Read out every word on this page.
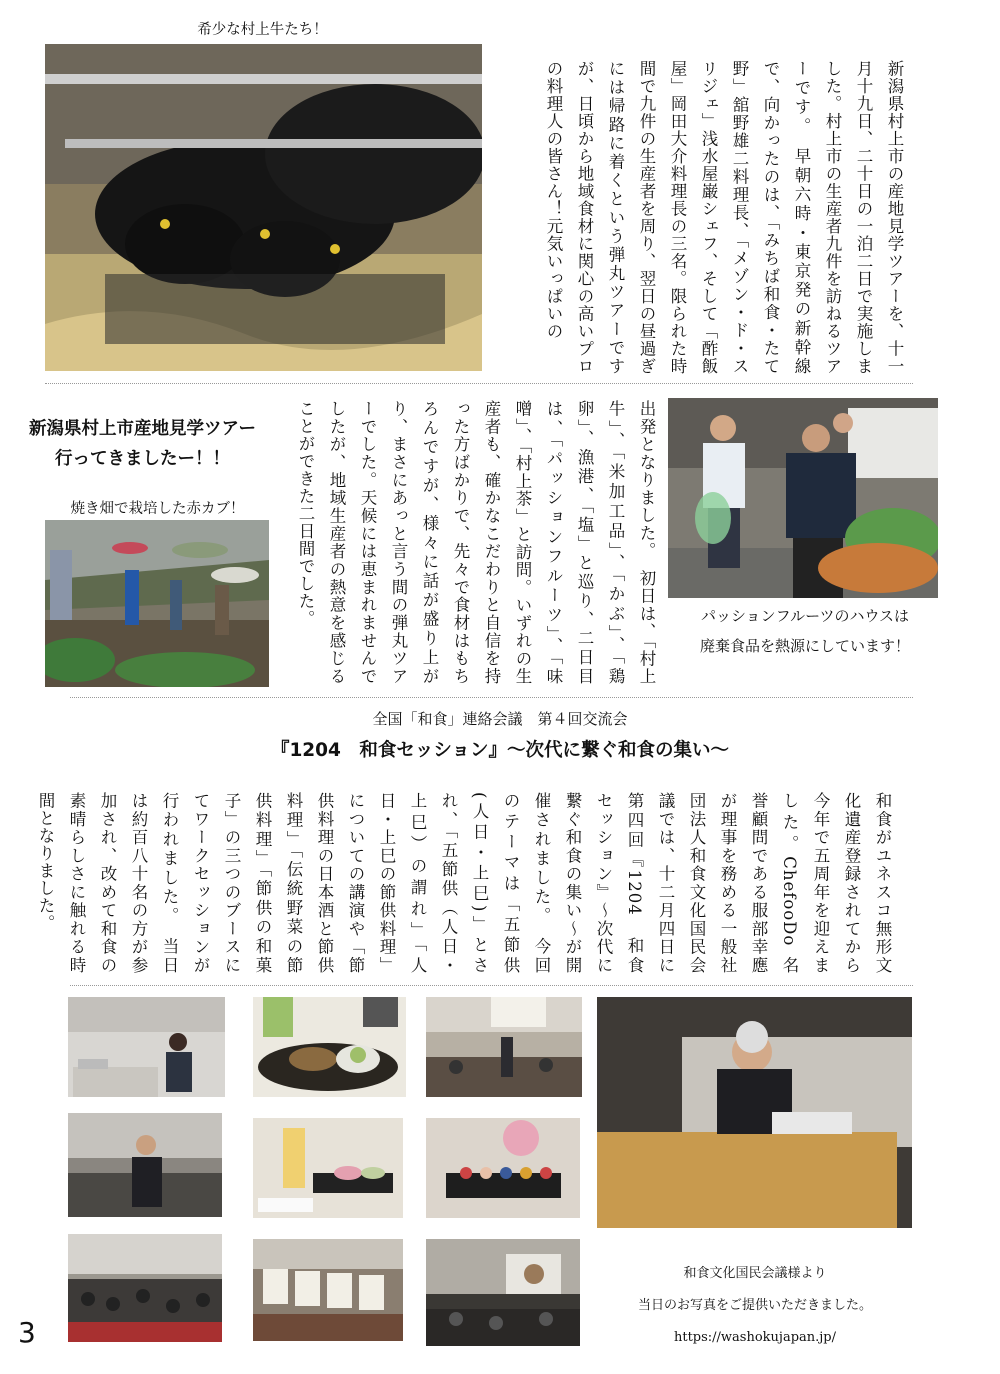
希少な村上牛たち！
新潟県村上市の産地見学ツアーを、十一月十九日、二十日の一泊二日で実施しました。村上市の生産者九件を訪ねるツアーです。　早朝六時・東京発の新幹線で、向かったのは、「みちば和食・たて野」舘野雄二料理長、「メゾン・ド・スリジェ」浅水屋巌シェフ、そして「酢飯屋」岡田大介料理長の三名。限られた時間で九件の生産者を周り、翌日の昼過ぎには帰路に着くという弾丸ツアーですが、日頃から地域食材に関心の高いプロの料理人の皆さん！元気いっぱいの
新潟県村上市産地見学ツアー
行ってきましたー！！
焼き畑で栽培した赤カブ！	出発となりました。　初日は、「村上牛」、「米加工品」、「かぶ」、「鶏卵」、漁港、「塩」と巡り、二日目は、「パッションフルーツ」、「味噌」、「村上茶」と訪問。いずれの生産者も、確かなこだわりと自信を持った方ばかりで、先々で食材はもちろんですが、様々に話が盛り上がり、まさにあっと言う間の弾丸ツアーでした。天候には恵まれませんでしたが、地域生産者の熱意を感じることができた二日間でした。	パッションフルーツのハウスは
廃棄食品を熱源にしています！
全国「和食」連絡会議　第４回交流会
『1204　和食セッション』～次代に繋ぐ和食の集い～
和食がユネスコ無形文化遺産登録されてから今年で五周年を迎えました。ChefooDo 名誉顧問である服部幸應が理事を務める一般社団法人和食文化国民会議では、十二月四日に第四回『1204　和食セッション』～次代に繋ぐ和食の集い～が開催されました。　今回のテーマは「五節供(人日・上巳)」とされ、「五節供（人日・上巳）の謂れ」「人日・上巳の節供料理」についての講演や「節供料理の日本酒と節供料理」「伝統野菜の節供料理」「節供の和菓子」の三つのブースにてワークセッションが行われました。　当日は約百八十名の方が参加され、改めて和食の素晴らしさに触れる時間となりました。
和食文化国民会議様より
当日のお写真をご提供いただきました。
https://washokujapan.jp/
3
